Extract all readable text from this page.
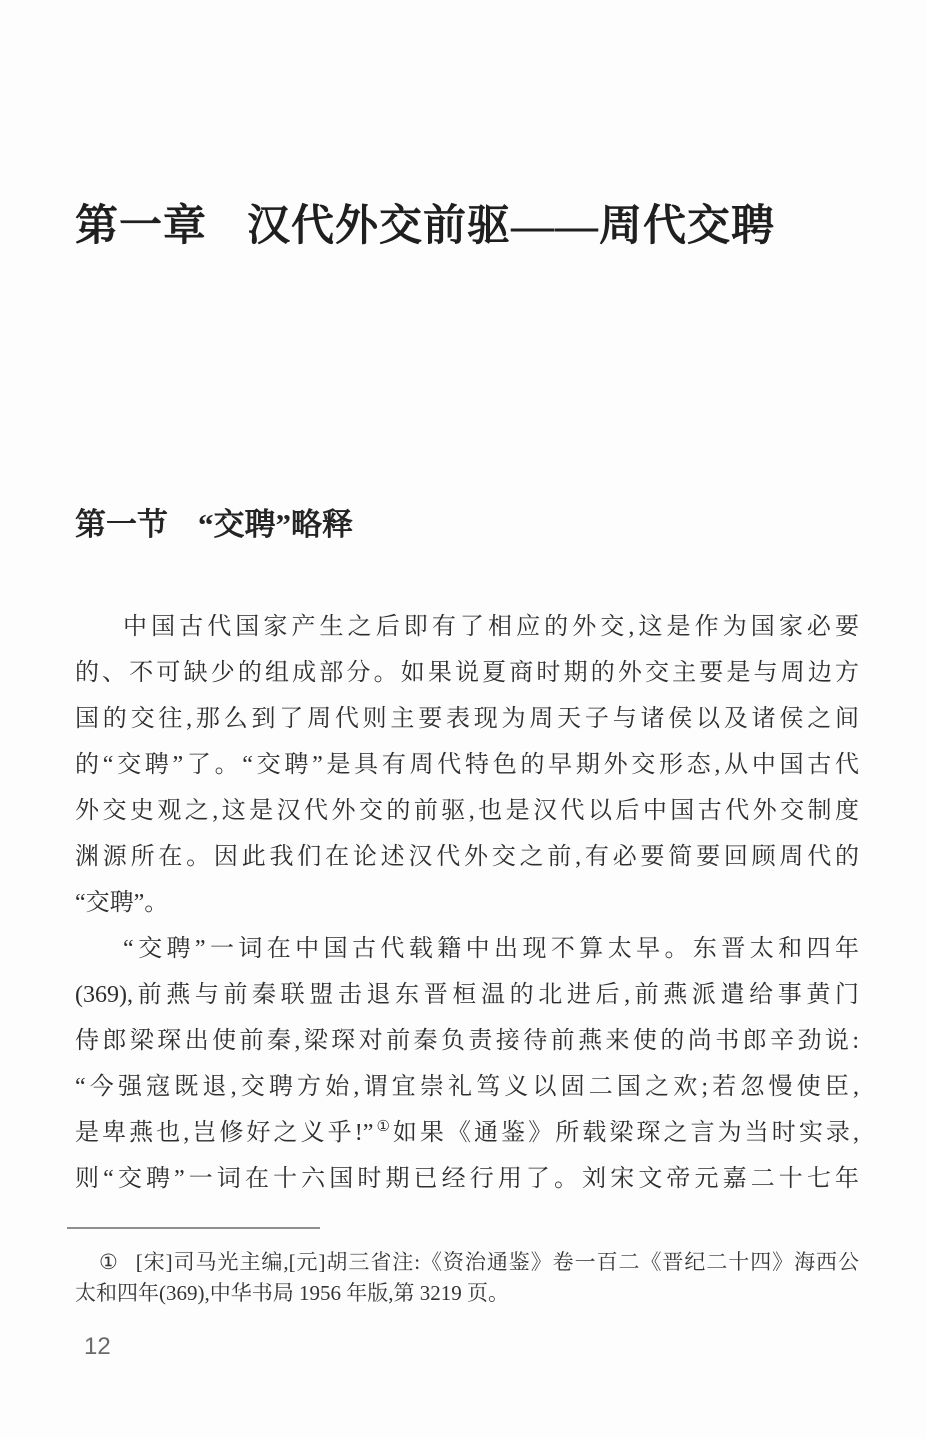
第一章 汉代外交前驱——周代交聘
第一节 “交聘”略释
中国古代国家产生之后即有了相应的外交,这是作为国家必要
的、不可缺少的组成部分。如果说夏商时期的外交主要是与周边方
国的交往,那么到了周代则主要表现为周天子与诸侯以及诸侯之间
的“交聘”了。“交聘”是具有周代特色的早期外交形态,从中国古代
外交史观之,这是汉代外交的前驱,也是汉代以后中国古代外交制度
渊源所在。因此我们在论述汉代外交之前,有必要简要回顾周代的
“交聘”。
“交聘”一词在中国古代载籍中出现不算太早。东晋太和四年
(369),前燕与前秦联盟击退东晋桓温的北进后,前燕派遣给事黄门
侍郎梁琛出使前秦,梁琛对前秦负责接待前燕来使的尚书郎辛劲说:
“今强寇既退,交聘方始,谓宜崇礼笃义以固二国之欢;若忽慢使臣,
是卑燕也,岂修好之义乎!”①如果《通鉴》所载梁琛之言为当时实录,
则“交聘”一词在十六国时期已经行用了。刘宋文帝元嘉二十七年
① [宋]司马光主编,[元]胡三省注:《资治通鉴》卷一百二《晋纪二十四》海西公
太和四年(369),中华书局 1956 年版,第 3219 页。
12
